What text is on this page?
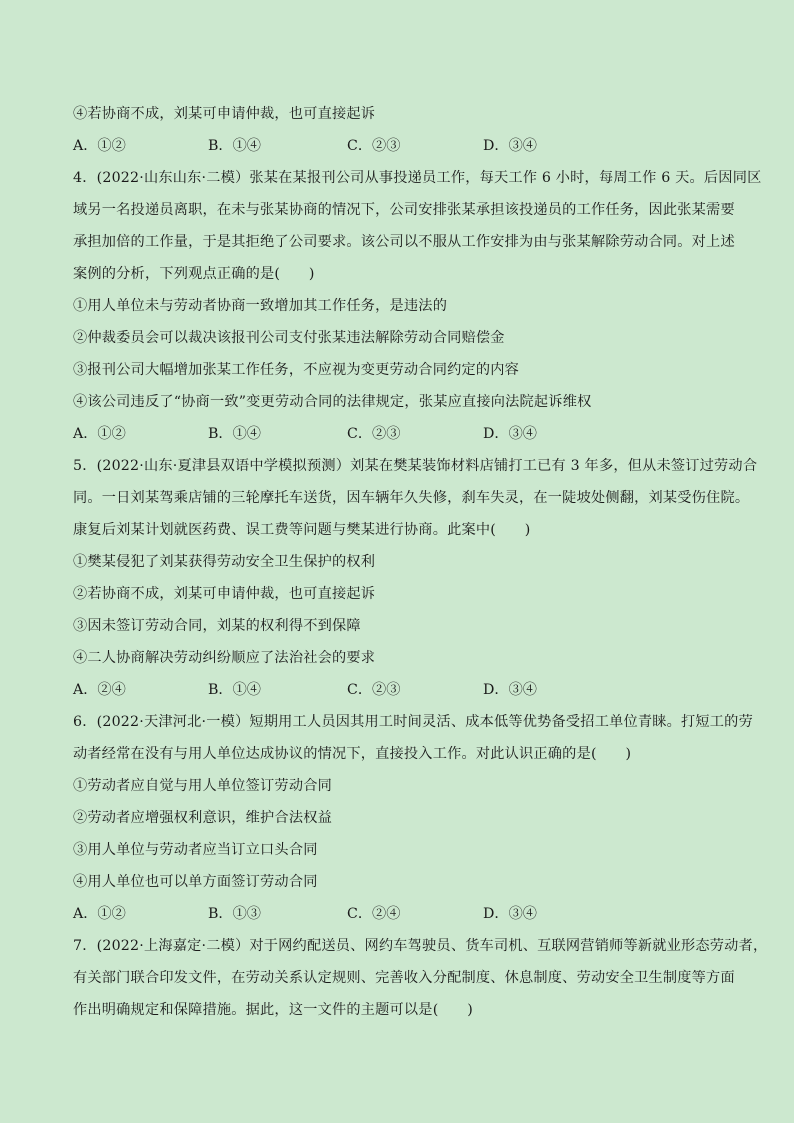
④若协商不成，刘某可申请仲裁，也可直接起诉
A．①②	B．①④	C．②③	D．③④
4．(2022·山东山东·二模）张某在某报刊公司从事投递员工作，每天工作 6 小时，每周工作 6 天。后因同区
域另一名投递员离职，在未与张某协商的情况下，公司安排张某承担该投递员的工作任务，因此张某需要
承担加倍的工作量，于是其拒绝了公司要求。该公司以不服从工作安排为由与张某解除劳动合同。对上述
案例的分析，下列观点正确的是(　　)
①用人单位未与劳动者协商一致增加其工作任务，是违法的
②仲裁委员会可以裁决该报刊公司支付张某违法解除劳动合同赔偿金
③报刊公司大幅增加张某工作任务，不应视为变更劳动合同约定的内容
④该公司违反了“协商一致”变更劳动合同的法律规定，张某应直接向法院起诉维权
A．①②	B．①④	C．②③	D．③④
5．(2022·山东·夏津县双语中学模拟预测）刘某在樊某装饰材料店铺打工已有 3 年多，但从未签订过劳动合
同。一日刘某驾乘店铺的三轮摩托车送货，因车辆年久失修，刹车失灵，在一陡坡处侧翻，刘某受伤住院。
康复后刘某计划就医药费、误工费等问题与樊某进行协商。此案中(　　)
①樊某侵犯了刘某获得劳动安全卫生保护的权利
②若协商不成，刘某可申请仲裁，也可直接起诉
③因未签订劳动合同，刘某的权利得不到保障
④二人协商解决劳动纠纷顺应了法治社会的要求
A．②④	B．①④	C．②③	D．③④
6．(2022·天津河北·一模）短期用工人员因其用工时间灵活、成本低等优势备受招工单位青睐。打短工的劳
动者经常在没有与用人单位达成协议的情况下，直接投入工作。对此认识正确的是(　　)
①劳动者应自觉与用人单位签订劳动合同
②劳动者应增强权利意识，维护合法权益
③用人单位与劳动者应当订立口头合同
④用人单位也可以单方面签订劳动合同
A．①②	B．①③	C．②④	D．③④
7．(2022·上海嘉定·二模）对于网约配送员、网约车驾驶员、货车司机、互联网营销师等新就业形态劳动者，
有关部门联合印发文件，在劳动关系认定规则、完善收入分配制度、休息制度、劳动安全卫生制度等方面
作出明确规定和保障措施。据此，这一文件的主题可以是(　　)
